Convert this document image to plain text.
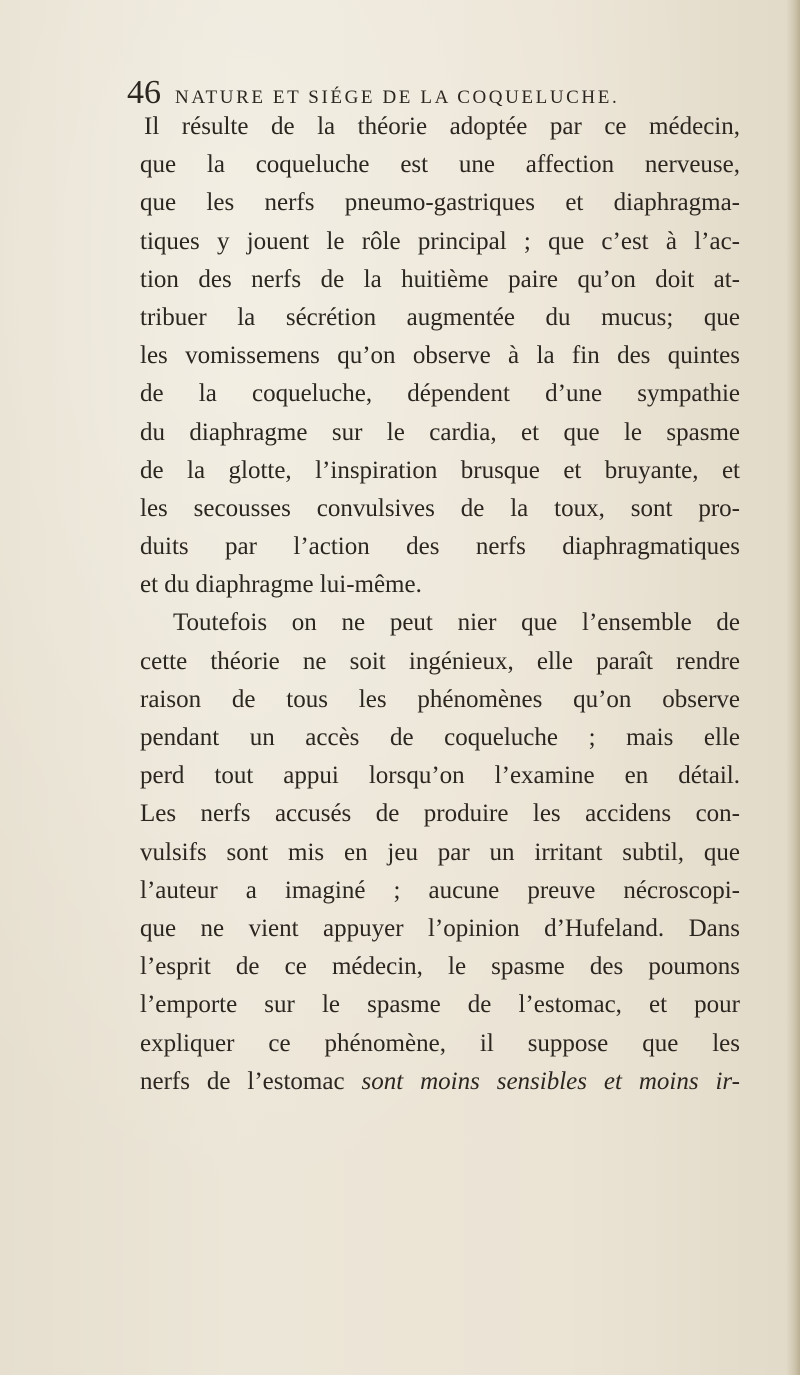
46 NATURE ET SIÉGE DE LA COQUELUCHE.
Il résulte de la théorie adoptée par ce médecin,
que la coqueluche est une affection nerveuse,
que les nerfs pneumo-gastriques et diaphragma-
tiques y jouent le rôle principal ; que c’est à l’ac-
tion des nerfs de la huitième paire qu’on doit at-
tribuer la sécrétion augmentée du mucus; que
les vomissemens qu’on observe à la fin des quintes
de la coqueluche, dépendent d’une sympathie
du diaphragme sur le cardia, et que le spasme
de la glotte, l’inspiration brusque et bruyante, et
les secousses convulsives de la toux, sont pro-
duits par l’action des nerfs diaphragmatiques
et du diaphragme lui-même.
Toutefois on ne peut nier que l’ensemble de
cette théorie ne soit ingénieux, elle paraît rendre
raison de tous les phénomènes qu’on observe
pendant un accès de coqueluche ; mais elle
perd tout appui lorsqu’on l’examine en détail.
Les nerfs accusés de produire les accidens con-
vulsifs sont mis en jeu par un irritant subtil, que
l’auteur a imaginé ; aucune preuve nécroscopi-
que ne vient appuyer l’opinion d’Hufeland. Dans
l’esprit de ce médecin, le spasme des poumons
l’emporte sur le spasme de l’estomac, et pour
expliquer ce phénomène, il suppose que les
nerfs de l’estomac sont moins sensibles et moins ir-
